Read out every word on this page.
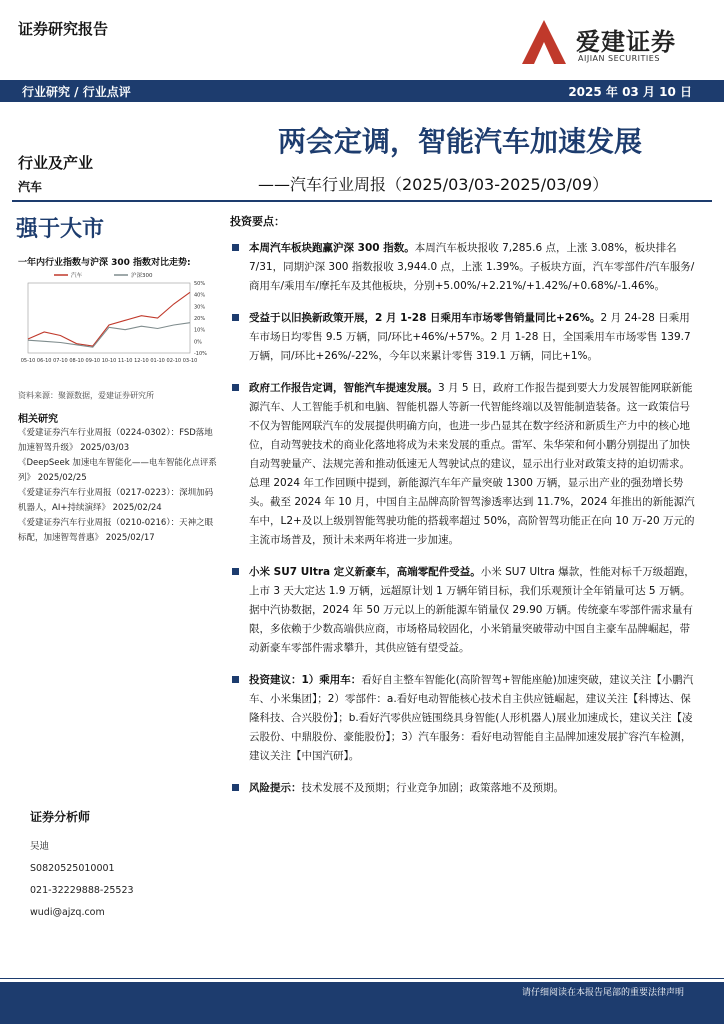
证券研究报告	爱建证券
AIJIAN SECURITIES
行业研究 / 行业点评	2025 年 03 月 10 日
两会定调，智能汽车加速发展
——汽车行业周报（2025/03/03-2025/03/09）
行业及产业
汽车
强于大市
一年内行业指数与沪深 300 指数对比走势:
50%
40%
30%
20%
10%
0%
-10%
05-10 06-10 07-10 08-10 09-10 10-10 11-10 12-10 01-10 02-10 03-10
汽车	沪深300
资料来源：聚源数据，爱建证券研究所
相关研究
《爱建证券汽车行业周报（0224-0302）：FSD落地加速智驾升级》 2025/03/03
《DeepSeek 加速电车智能化——电车智能化点评系列》 2025/02/25
《爱建证券汽车行业周报（0217-0223）：深圳加码机器人，AI+持续演绎》 2025/02/24
《爱建证券汽车行业周报（0210-0216）：天神之眼标配，加速智驾普惠》 2025/02/17
证券分析师
吴迪
S0820525010001
021-32229888-25523
wudi@ajzq.com
投资要点：
本周汽车板块跑赢沪深 300 指数。本周汽车板块报收 7,285.6 点，上涨 3.08%，板块排名 7/31，同期沪深 300 指数报收 3,944.0 点，上涨 1.39%。子板块方面，汽车零部件/汽车服务/商用车/乘用车/摩托车及其他板块，分别+5.00%/+2.21%/+1.42%/+0.68%/-1.46%。
受益于以旧换新政策开展，2 月 1-28 日乘用车市场零售销量同比+26%。2 月 24-28 日乘用车市场日均零售 9.5 万辆，同/环比+46%/+57%。2 月 1-28 日，全国乘用车市场零售 139.7 万辆，同/环比+26%/-22%，今年以来累计零售 319.1 万辆，同比+1%。
政府工作报告定调，智能汽车提速发展。3 月 5 日，政府工作报告提到要大力发展智能网联新能源汽车、人工智能手机和电脑、智能机器人等新一代智能终端以及智能制造装备。这一政策信号不仅为智能网联汽车的发展提供明确方向，也进一步凸显其在数字经济和新质生产力中的核心地位，自动驾驶技术的商业化落地将成为未来发展的重点。雷军、朱华荣和何小鹏分别提出了加快自动驾驶量产、法规完善和推动低速无人驾驶试点的建议，显示出行业对政策支持的迫切需求。总理 2024 年工作回顾中提到，新能源汽车年产量突破 1300 万辆，显示出产业的强劲增长势头。截至 2024 年 10 月，中国自主品牌高阶智驾渗透率达到 11.7%，2024 年推出的新能源汽车中，L2+及以上级别智能驾驶功能的搭载率超过 50%，高阶智驾功能正在向 10 万-20 万元的主流市场普及，预计未来两年将进一步加速。
小米 SU7 Ultra 定义新豪车，高端零配件受益。小米 SU7 Ultra 爆款，性能对标千万级超跑，上市 3 天大定达 1.9 万辆，远超原计划 1 万辆年销目标，我们乐观预计全年销量可达 5 万辆。据中汽协数据，2024 年 50 万元以上的新能源车销量仅 29.90 万辆。传统豪车零部件需求量有限，多依赖于少数高端供应商，市场格局较固化，小米销量突破带动中国自主豪车品牌崛起，带动新豪车零部件需求攀升，其供应链有望受益。
投资建议：1）乘用车：看好自主整车智能化(高阶智驾+智能座舱)加速突破，建议关注【小鹏汽车、小米集团】；2）零部件：a.看好电动智能核心技术自主供应链崛起，建议关注【科博达、保隆科技、合兴股份】；b.看好汽零供应链围绕具身智能(人形机器人)展业加速成长，建议关注【凌云股份、中鼎股份、豪能股份】；3）汽车服务：看好电动智能自主品牌加速发展扩容汽车检测，建议关注【中国汽研】。
风险提示：技术发展不及预期；行业竞争加剧；政策落地不及预期。
请仔细阅读在本报告尾部的重要法律声明
